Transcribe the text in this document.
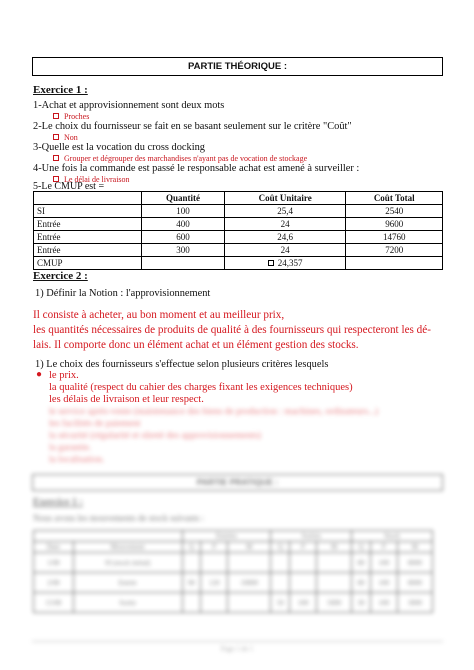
PARTIE THÉORIQUE :
Exercice 1 :
1-Achat et approvisionnement sont deux mots
Proches
2-Le choix du fournisseur se fait en se basant seulement sur le critère "Coût"
Non
3-Quelle est la vocation du cross docking
Grouper et dégrouper des marchandises n'ayant pas de vocation de stockage
4-Une fois la commande est passé le responsable achat est amené à surveiller :
Le délai de livraison
5-Le CMUP est =
	Quantité	Coût Unitaire	Coût Total
SI	100	25,4	2540
Entrée	400	24	9600
Entrée	600	24,6	14760
Entrée	300	24	7200
CMUP		24,357	
Exercice 2 :
1) Définir la Notion : l'approvisionnement
Il consiste à acheter, au bon moment et au meilleur prix,
les quantités nécessaires de produits de qualité à des fournisseurs qui respecteront les dé-
lais. Il comporte donc un élément achat et un élément gestion des stocks.
1) Le choix des fournisseurs s'effectue selon plusieurs critères lesquels
● le prix.
la qualité (respect du cahier des charges fixant les exigences techniques)
les délais de livraison et leur respect.
le service après-vente (maintenance des biens de production : machines, ordinateurs...)
les facilités de paiement
la sécurité (régularité et sûreté des approvisionnements)
la garantie.
la localisation.
PARTIE PRATIQUE :
Exercice 1 :
Nous avons les mouvements de stock suivants :
		Entrées			Sorties			Stock		
Date	Mouvement	Q	P	M	Q	P	M	Q	P	M
1/08	SI (stock initial)							80	100	8000
2/08	Entrée	90	120	10800				80	100	8000
15/08	Sortie				50	100	5000	30	100	3000
Page 1 de 1
